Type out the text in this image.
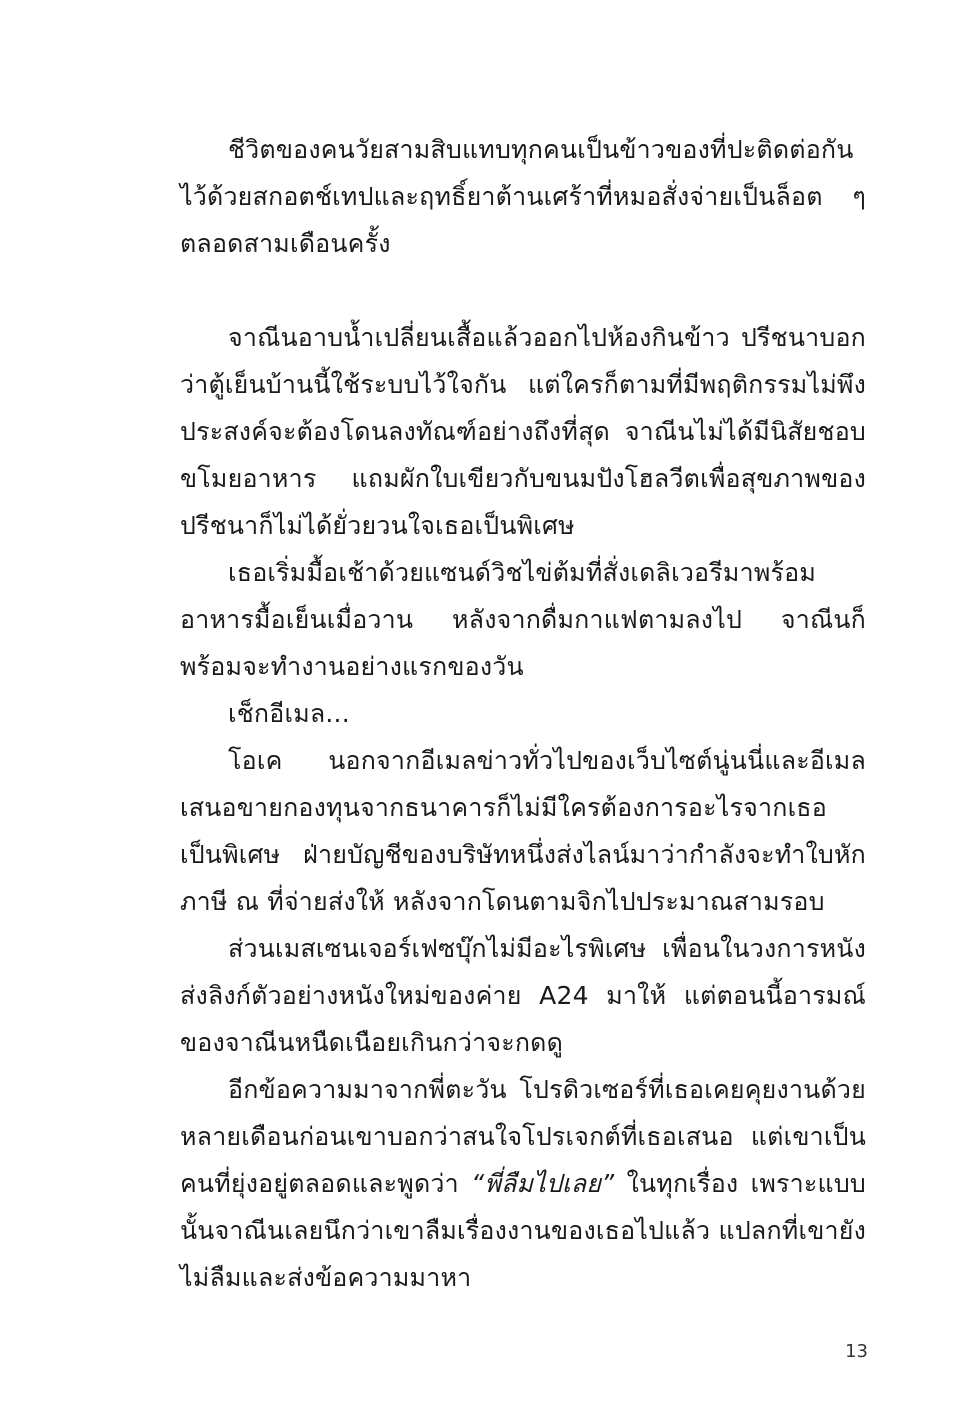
ชีวิตของคนวัยสามสิบแทบทุกคนเป็นข้าวของที่ปะติดต่อกันไว้ด้วยสกอตช์เทปและฤทธิ์ยาต้านเศร้าที่หมอสั่งจ่ายเป็นล็อต ๆ ตลอดสามเดือนครั้ง

จาณีนอาบน้ำเปลี่ยนเสื้อแล้วออกไปห้องกินข้าว ปรีชนาบอกว่าตู้เย็นบ้านนี้ใช้ระบบไว้ใจกัน แต่ใครก็ตามที่มีพฤติกรรมไม่พึงประสงค์จะต้องโดนลงทัณฑ์อย่างถึงที่สุด จาณีนไม่ได้มีนิสัยชอบขโมยอาหาร แถมผักใบเขียวกับขนมปังโฮลวีตเพื่อสุขภาพของปรีชนาก็ไม่ได้ยั่วยวนใจเธอเป็นพิเศษ

เธอเริ่มมื้อเช้าด้วยแซนด์วิชไข่ต้มที่สั่งเดลิเวอรีมาพร้อมอาหารมื้อเย็นเมื่อวาน หลังจากดื่มกาแฟตามลงไป จาณีนก็พร้อมจะทำงานอย่างแรกของวัน

เช็กอีเมล...

โอเค นอกจากอีเมลข่าวทั่วไปของเว็บไซต์นู่นนี่และอีเมลเสนอขายกองทุนจากธนาคารก็ไม่มีใครต้องการอะไรจากเธอเป็นพิเศษ ฝ่ายบัญชีของบริษัทหนึ่งส่งไลน์มาว่ากำลังจะทำใบหักภาษี ณ ที่จ่ายส่งให้ หลังจากโดนตามจิกไปประมาณสามรอบ

ส่วนเมสเซนเจอร์เฟซบุ๊กไม่มีอะไรพิเศษ เพื่อนในวงการหนังส่งลิงก์ตัวอย่างหนังใหม่ของค่าย A24 มาให้ แต่ตอนนี้อารมณ์ของจาณีนหนืดเนือยเกินกว่าจะกดดู

อีกข้อความมาจากพี่ตะวัน โปรดิวเซอร์ที่เธอเคยคุยงานด้วยหลายเดือนก่อนเขาบอกว่าสนใจโปรเจกต์ที่เธอเสนอ แต่เขาเป็นคนที่ยุ่งอยู่ตลอดและพูดว่า “พี่ลืมไปเลย” ในทุกเรื่อง เพราะแบบนั้นจาณีนเลยนึกว่าเขาลืมเรื่องงานของเธอไปแล้ว แปลกที่เขายังไม่ลืมและส่งข้อความมาหา

13
